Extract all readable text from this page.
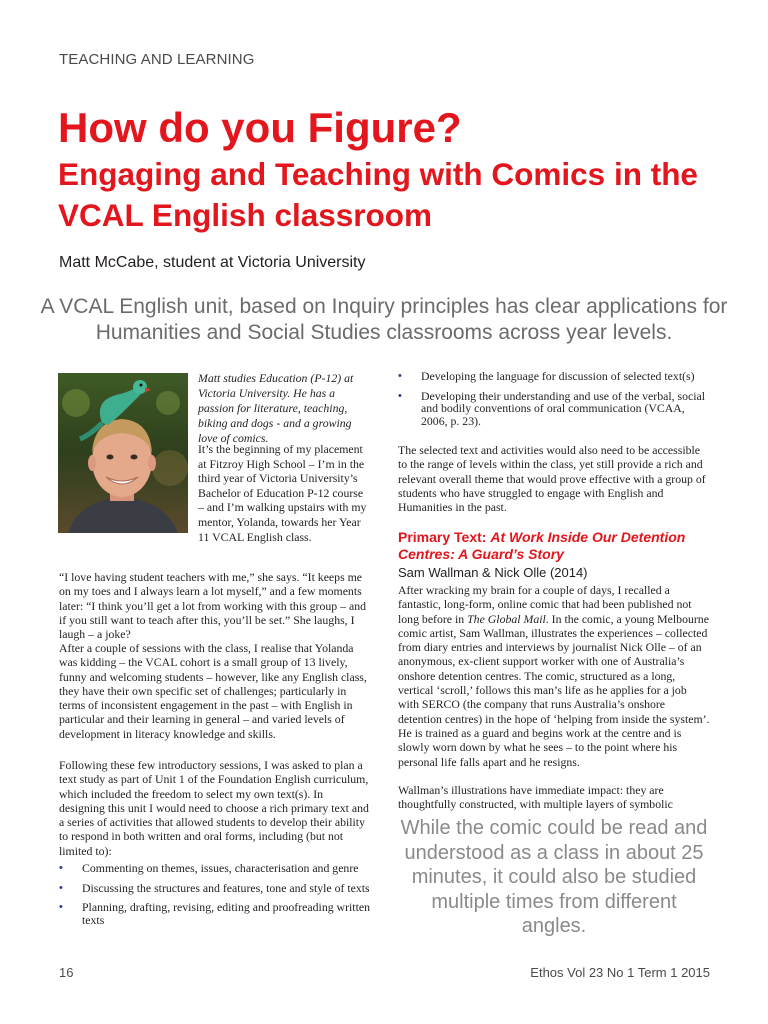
TEACHING AND LEARNING
How do you Figure?
Engaging and Teaching with Comics in the VCAL English classroom
Matt McCabe, student at Victoria University
A VCAL English unit, based on Inquiry principles has clear applications for Humanities and Social Studies classrooms across year levels.
Matt studies Education (P-12) at Victoria University. He has a passion for literature, teaching, biking and dogs - and a growing love of comics.
It’s the beginning of my placement at Fitzroy High School – I’m in the third year of Victoria University’s Bachelor of Education P-12 course – and I’m walking upstairs with my mentor, Yolanda, towards her Year 11 VCAL English class.

“I love having student teachers with me,” she says. “It keeps me on my toes and I always learn a lot myself,” and a few moments later: “I think you’ll get a lot from working with this group – and if you still want to teach after this, you’ll be set.” She laughs, I laugh – a joke?

After a couple of sessions with the class, I realise that Yolanda was kidding – the VCAL cohort is a small group of 13 lively, funny and welcoming students – however, like any English class, they have their own specific set of challenges; particularly in terms of inconsistent engagement in the past – with English in particular and their learning in general – and varied levels of development in literacy knowledge and skills.

Following these few introductory sessions, I was asked to plan a text study as part of Unit 1 of the Foundation English curriculum, which included the freedom to select my own text(s). In designing this unit I would need to choose a rich primary text and a series of activities that allowed students to develop their ability to respond in both written and oral forms, including (but not limited to):

• Commenting on themes, issues, characterisation and genre
• Discussing the structures and features, tone and style of texts
• Planning, drafting, revising, editing and proofreading written texts
• Developing the language for discussion of selected text(s)
• Developing their understanding and use of the verbal, social and bodily conventions of oral communication (VCAA, 2006, p. 23).

The selected text and activities would also need to be accessible to the range of levels within the class, yet still provide a rich and relevant overall theme that would prove effective with a group of students who have struggled to engage with English and Humanities in the past.

Primary Text: At Work Inside Our Detention Centres: A Guard’s Story
Sam Wallman & Nick Olle (2014)

After wracking my brain for a couple of days, I recalled a fantastic, long-form, online comic that had been published not long before in The Global Mail. In the comic, a young Melbourne comic artist, Sam Wallman, illustrates the experiences – collected from diary entries and interviews by journalist Nick Olle – of an anonymous, ex-client support worker with one of Australia’s onshore detention centres. The comic, structured as a long, vertical ‘scroll,’ follows this man’s life as he applies for a job with SERCO (the company that runs Australia’s onshore detention centres) in the hope of ‘helping from inside the system’. He is trained as a guard and begins work at the centre and is slowly worn down by what he sees – to the point where his personal life falls apart and he resigns.

Wallman’s illustrations have immediate impact: they are thoughtfully constructed, with multiple layers of symbolic

While the comic could be read and understood as a class in about 25 minutes, it could also be studied multiple times from different angles.
16	Ethos Vol 23 No 1 Term 1 2015
